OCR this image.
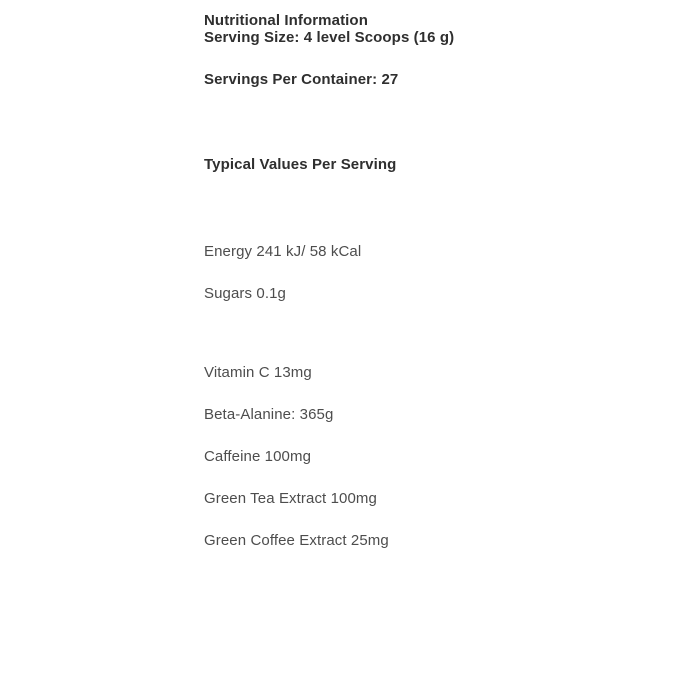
Nutritional Information
Serving Size: 4 level Scoops (16 g)
Servings Per Container: 27
Typical Values Per Serving
Energy 241 kJ/ 58 kCal
Sugars 0.1g
Vitamin C 13mg
Beta-Alanine: 365g
Caffeine 100mg
Green Tea Extract 100mg
Green Coffee Extract 25mg
